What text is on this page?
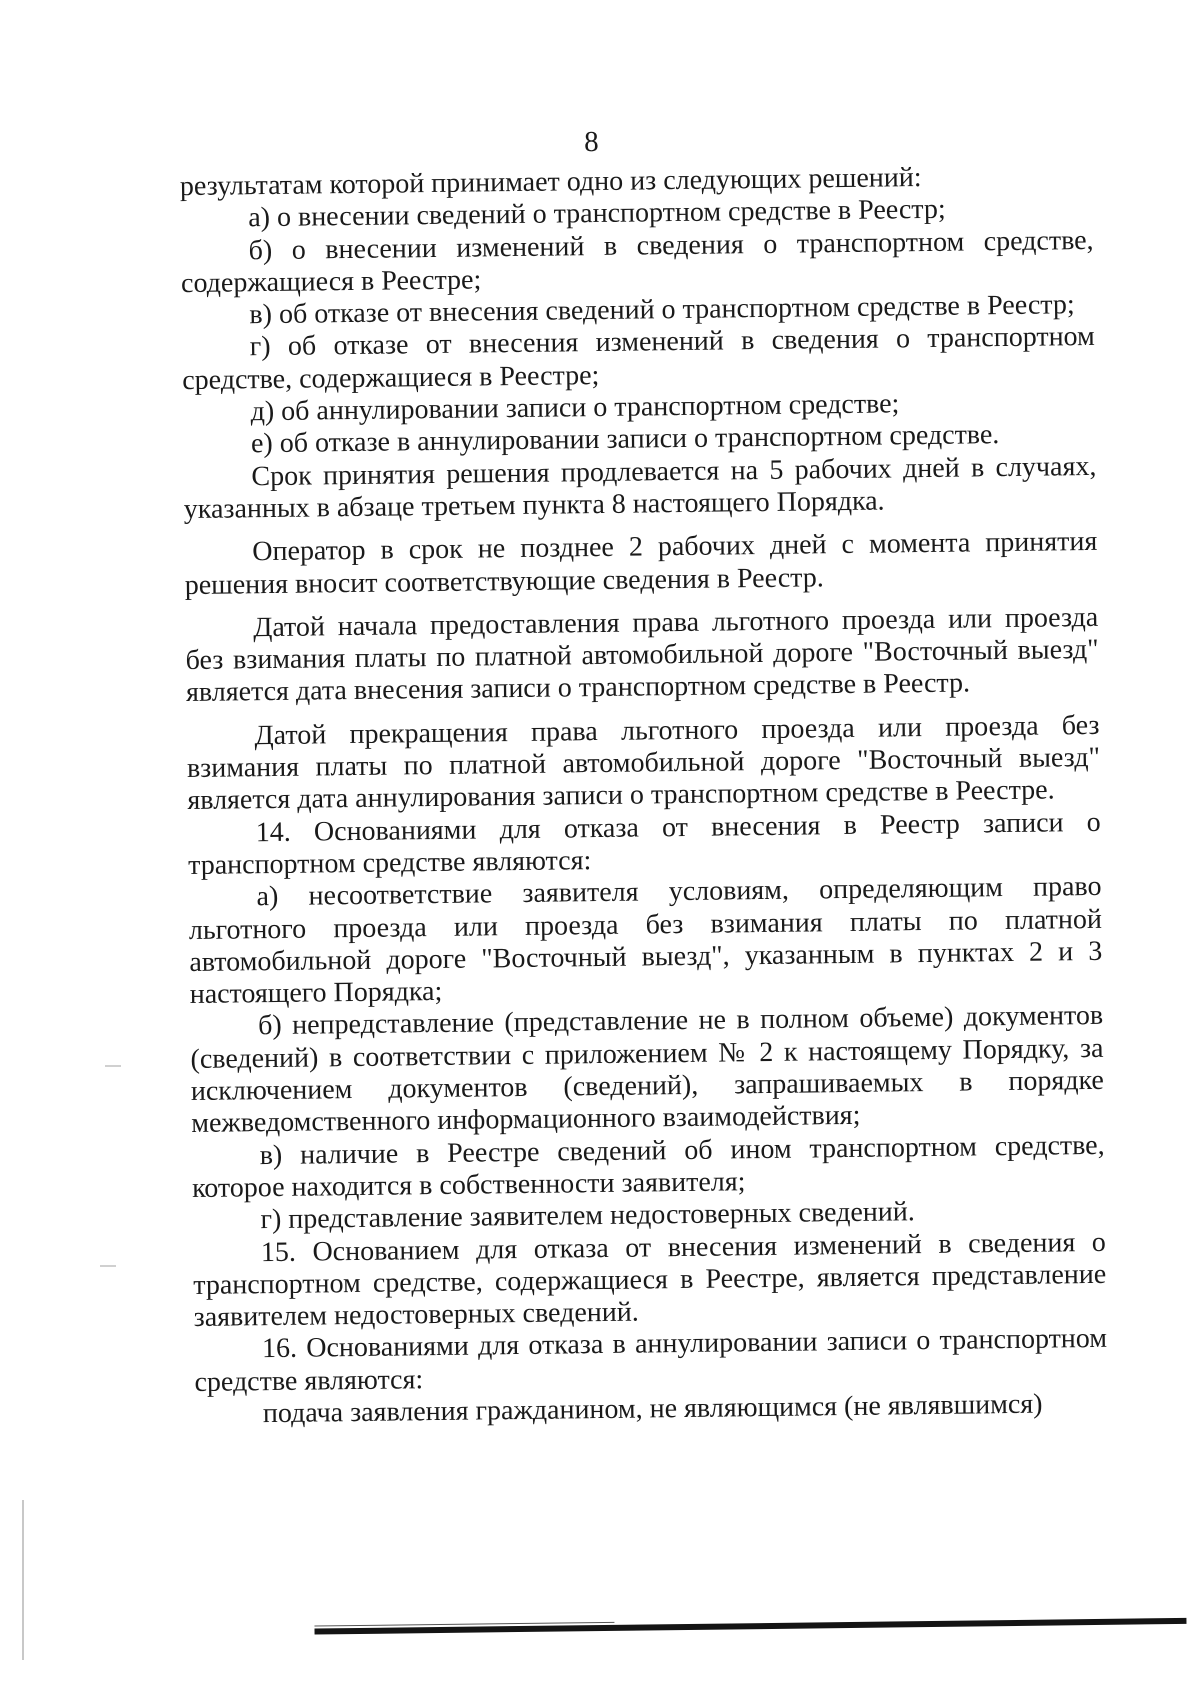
8

результатам которой принимает одно из следующих решений:

а) о внесении сведений о транспортном средстве в Реестр;

б) о внесении изменений в сведения о транспортном средстве, содержащиеся в Реестре;

в) об отказе от внесения сведений о транспортном средстве в Реестр;

г) об отказе от внесения изменений в сведения о транспортном средстве, содержащиеся в Реестре;

д) об аннулировании записи о транспортном средстве;

е) об отказе в аннулировании записи о транспортном средстве.

Срок принятия решения продлевается на 5 рабочих дней в случаях, указанных в абзаце третьем пункта 8 настоящего Порядка.

Оператор в срок не позднее 2 рабочих дней с момента принятия решения вносит соответствующие сведения в Реестр.

Датой начала предоставления права льготного проезда или проезда без взимания платы по платной автомобильной дороге "Восточный выезд" является дата внесения записи о транспортном средстве в Реестр.

Датой прекращения права льготного проезда или проезда без взимания платы по платной автомобильной дороге "Восточный выезд" является дата аннулирования записи о транспортном средстве в Реестре.

14. Основаниями для отказа от внесения в Реестр записи о транспортном средстве являются:

а) несоответствие заявителя условиям, определяющим право льготного проезда или проезда без взимания платы по платной автомобильной дороге "Восточный выезд", указанным в пунктах 2 и 3 настоящего Порядка;

б) непредставление (представление не в полном объеме) документов (сведений) в соответствии с приложением № 2 к настоящему Порядку, за исключением документов (сведений), запрашиваемых в порядке межведомственного информационного взаимодействия;

в) наличие в Реестре сведений об ином транспортном средстве, которое находится в собственности заявителя;

г) представление заявителем недостоверных сведений.

15. Основанием для отказа от внесения изменений в сведения о транспортном средстве, содержащиеся в Реестре, является представление заявителем недостоверных сведений.

16. Основаниями для отказа в аннулировании записи о транспортном средстве являются:

подача заявления гражданином, не являющимся (не являвшимся)
